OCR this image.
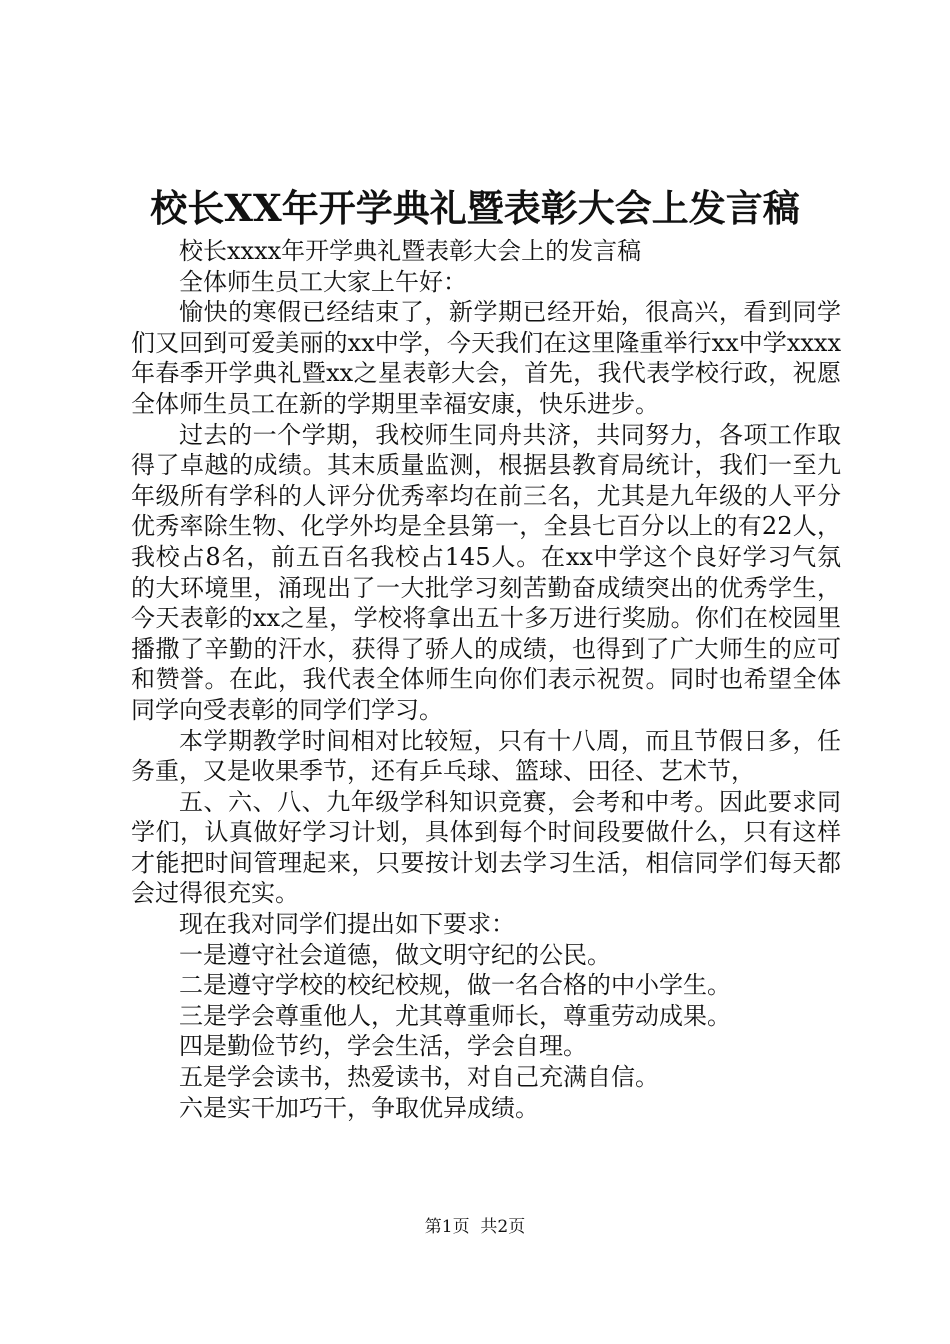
校长XX年开学典礼暨表彰大会上发言稿

校长xxxx年开学典礼暨表彰大会上的发言稿

全体师生员工大家上午好：

愉快的寒假已经结束了，新学期已经开始，很高兴，看到同学们又回到可爱美丽的xx中学，今天我们在这里隆重举行xx中学xxxx年春季开学典礼暨xx之星表彰大会，首先，我代表学校行政，祝愿全体师生员工在新的学期里幸福安康，快乐进步。

过去的一个学期，我校师生同舟共济，共同努力，各项工作取得了卓越的成绩。其末质量监测，根据县教育局统计，我们一至九年级所有学科的人评分优秀率均在前三名，尤其是九年级的人平分优秀率除生物、化学外均是全县第一，全县七百分以上的有22人，我校占8名，前五百名我校占145人。在xx中学这个良好学习气氛的大环境里，涌现出了一大批学习刻苦勤奋成绩突出的优秀学生，今天表彰的xx之星，学校将拿出五十多万进行奖励。你们在校园里播撒了辛勤的汗水，获得了骄人的成绩，也得到了广大师生的应可和赞誉。在此，我代表全体师生向你们表示祝贺。同时也希望全体同学向受表彰的同学们学习。

本学期教学时间相对比较短，只有十八周，而且节假日多，任务重，又是收果季节，还有乒乓球、篮球、田径、艺术节，

五、六、八、九年级学科知识竞赛，会考和中考。因此要求同学们，认真做好学习计划，具体到每个时间段要做什么，只有这样才能把时间管理起来，只要按计划去学习生活，相信同学们每天都会过得很充实。

现在我对同学们提出如下要求：

一是遵守社会道德，做文明守纪的公民。

二是遵守学校的校纪校规，做一名合格的中小学生。

三是学会尊重他人，尤其尊重师长，尊重劳动成果。

四是勤俭节约，学会生活，学会自理。

五是学会读书，热爱读书，对自己充满自信。

六是实干加巧干，争取优异成绩。

第1页  共2页
